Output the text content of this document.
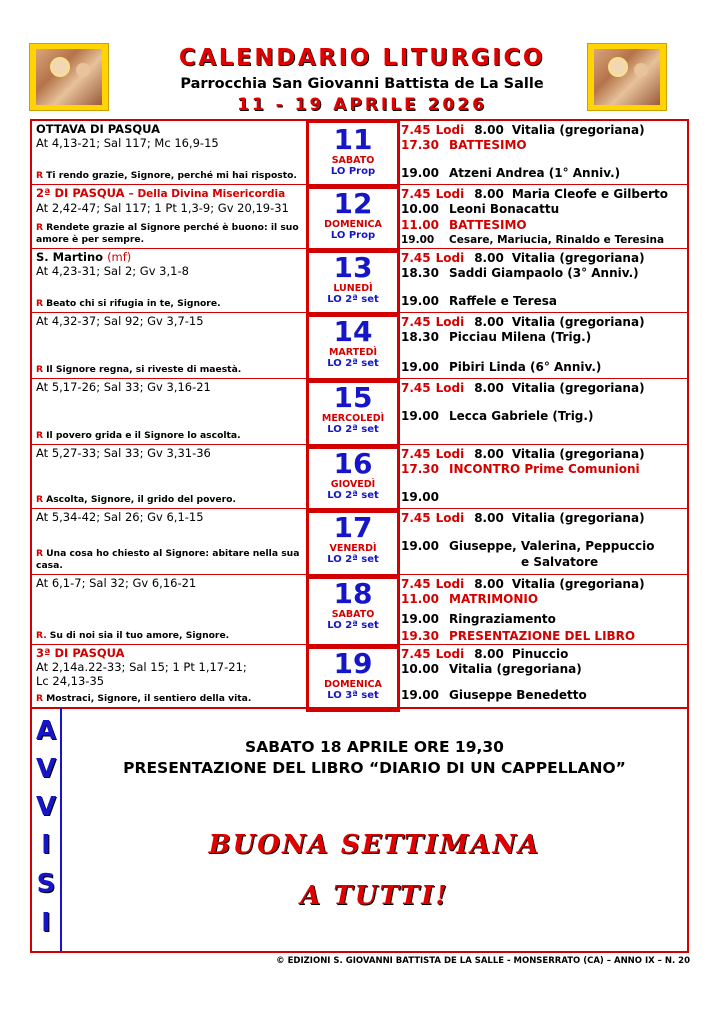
CALENDARIO LITURGICO
Parrocchia San Giovanni Battista de La Salle
11 - 19 APRILE 2026
OTTAVA DI PASQUA
At 4,13-21; Sal 117; Mc 16,9-15
R Ti rendo grazie, Signore, perché mi hai risposto.
11
SABATO
LO Prop
7.45 Lodi 8.00 Vitalia (gregoriana)
17.30 BATTESIMO
19.00 Atzeni Andrea (1° Anniv.)
2ª DI PASQUA – Della Divina Misericordia
At 2,42-47; Sal 117; 1 Pt 1,3-9; Gv 20,19-31
R Rendete grazie al Signore perché è buono: il suo amore è per sempre.
12
DOMENICA
LO Prop
7.45 Lodi 8.00 Maria Cleofe e Gilberto
10.00 Leoni Bonacattu
11.00 BATTESIMO
19.00 Cesare, Mariucia, Rinaldo e Teresina
S. Martino (mf)
At 4,23-31; Sal 2; Gv 3,1-8
R Beato chi si rifugia in te, Signore.
13
LUNEDÌ
LO 2ª set
7.45 Lodi 8.00 Vitalia (gregoriana)
18.30 Saddi Giampaolo (3° Anniv.)
19.00 Raffele e Teresa
At 4,32-37; Sal 92; Gv 3,7-15
R Il Signore regna, si riveste di maestà.
14
MARTEDÌ
LO 2ª set
7.45 Lodi 8.00 Vitalia (gregoriana)
18.30 Picciau Milena (Trig.)
19.00 Pibiri Linda (6° Anniv.)
At 5,17-26; Sal 33; Gv 3,16-21
R Il povero grida e il Signore lo ascolta.
15
MERCOLEDÌ
LO 2ª set
7.45 Lodi 8.00 Vitalia (gregoriana)
19.00 Lecca Gabriele (Trig.)
At 5,27-33; Sal 33; Gv 3,31-36
R Ascolta, Signore, il grido del povero.
16
GIOVEDÌ
LO 2ª set
7.45 Lodi 8.00 Vitalia (gregoriana)
17.30 INCONTRO Prime Comunioni
19.00
At 5,34-42; Sal 26; Gv 6,1-15
R Una cosa ho chiesto al Signore: abitare nella sua casa.
17
VENERDÌ
LO 2ª set
7.45 Lodi 8.00 Vitalia (gregoriana)
19.00 Giuseppe, Valerina, Peppuccio
e Salvatore
At 6,1-7; Sal 32; Gv 6,16-21
R. Su di noi sia il tuo amore, Signore.
18
SABATO
LO 2ª set
7.45 Lodi 8.00 Vitalia (gregoriana)
11.00 MATRIMONIO
19.00 Ringraziamento
19.30 PRESENTAZIONE DEL LIBRO
3ª DI PASQUA
At 2,14a.22-33; Sal 15; 1 Pt 1,17-21;
Lc 24,13-35
R Mostraci, Signore, il sentiero della vita.
19
DOMENICA
LO 3ª set
7.45 Lodi 8.00 Pinuccio
10.00 Vitalia (gregoriana)
19.00 Giuseppe Benedetto
A
V
V
I
S
I
SABATO 18 APRILE ORE 19,30
PRESENTAZIONE DEL LIBRO “DIARIO DI UN CAPPELLANO”
BUONA SETTIMANA
A TUTTI!
© EDIZIONI S. GIOVANNI BATTISTA DE LA SALLE - MONSERRATO (CA) – ANNO IX – N. 20
